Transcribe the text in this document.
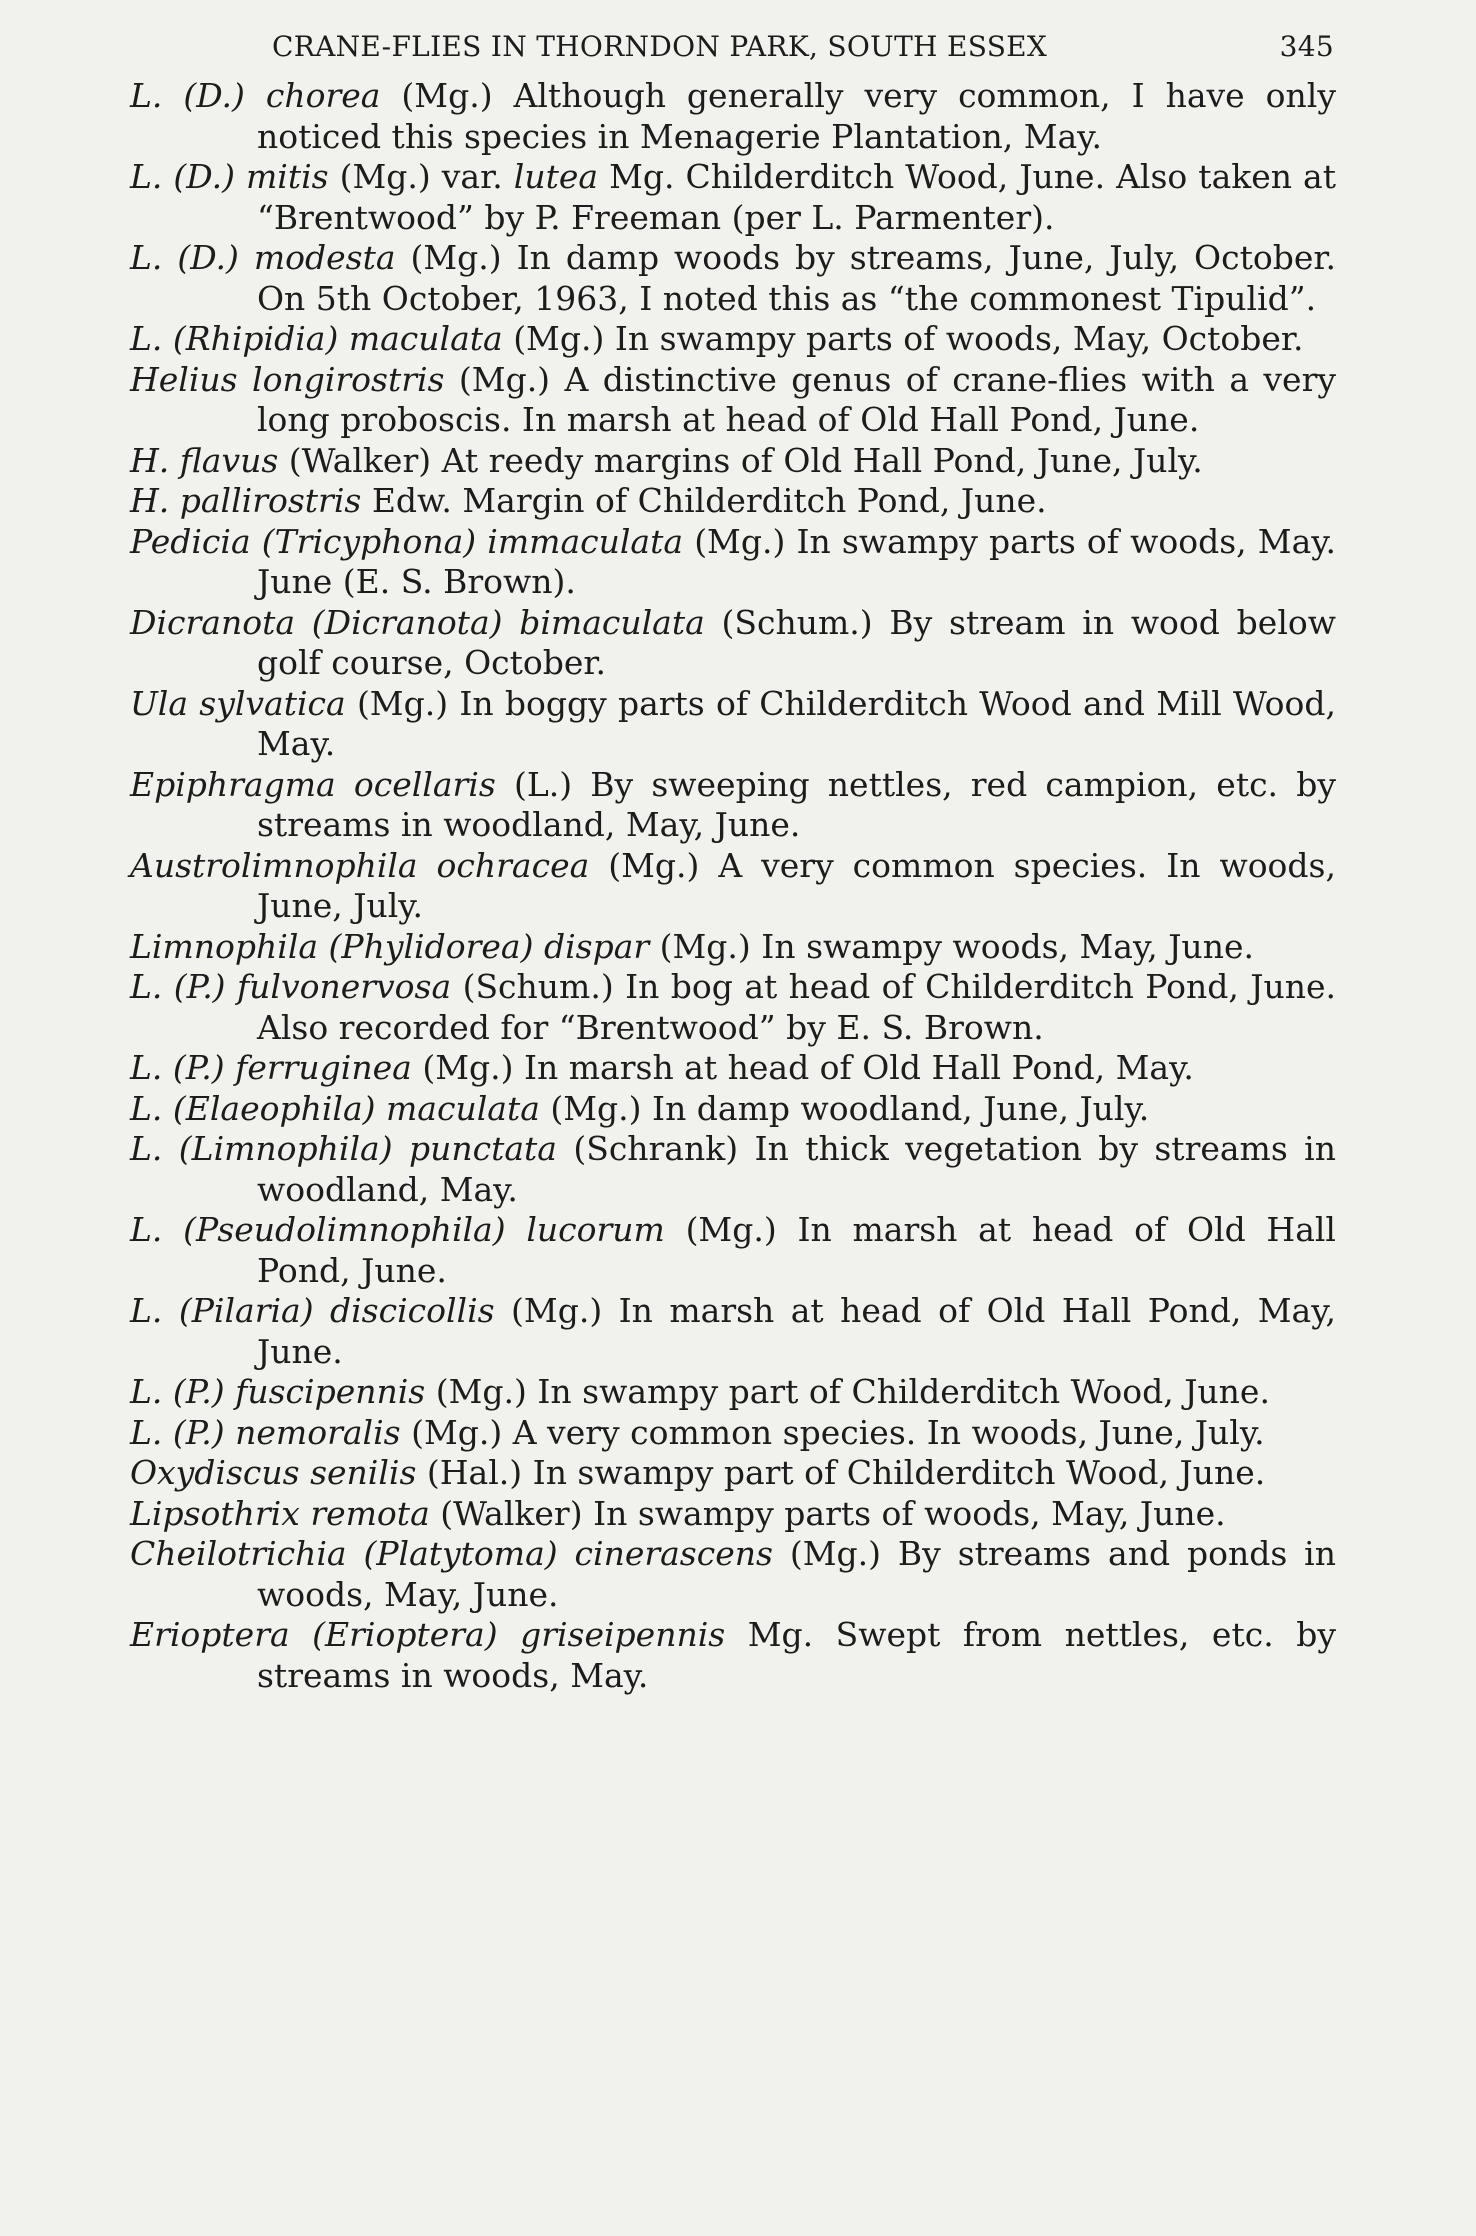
CRANE-FLIES IN THORNDON PARK, SOUTH ESSEX	345

L. (D.) chorea (Mg.) Although generally very common, I have only noticed this species in Menagerie Plantation, May.

L. (D.) mitis (Mg.) var. lutea Mg. Childerditch Wood, June. Also taken at “Brentwood” by P. Freeman (per L. Parmenter).

L. (D.) modesta (Mg.) In damp woods by streams, June, July, October. On 5th October, 1963, I noted this as “the commonest Tipulid”.

L. (Rhipidia) maculata (Mg.) In swampy parts of woods, May, October.

Helius longirostris (Mg.) A distinctive genus of crane-flies with a very long proboscis. In marsh at head of Old Hall Pond, June.

H. flavus (Walker) At reedy margins of Old Hall Pond, June, July.

H. pallirostris Edw. Margin of Childerditch Pond, June.

Pedicia (Tricyphona) immaculata (Mg.) In swampy parts of woods, May. June (E. S. Brown).

Dicranota (Dicranota) bimaculata (Schum.) By stream in wood below golf course, October.

Ula sylvatica (Mg.) In boggy parts of Childerditch Wood and Mill Wood, May.

Epiphragma ocellaris (L.) By sweeping nettles, red campion, etc. by streams in woodland, May, June.

Austrolimnophila ochracea (Mg.) A very common species. In woods, June, July.

Limnophila (Phylidorea) dispar (Mg.) In swampy woods, May, June.

L. (P.) fulvonervosa (Schum.) In bog at head of Childerditch Pond, June. Also recorded for “Brentwood” by E. S. Brown.

L. (P.) ferruginea (Mg.) In marsh at head of Old Hall Pond, May.

L. (Elaeophila) maculata (Mg.) In damp woodland, June, July.

L. (Limnophila) punctata (Schrank) In thick vegetation by streams in woodland, May.

L. (Pseudolimnophila) lucorum (Mg.) In marsh at head of Old Hall Pond, June.

L. (Pilaria) discicollis (Mg.) In marsh at head of Old Hall Pond, May, June.

L. (P.) fuscipennis (Mg.) In swampy part of Childerditch Wood, June.

L. (P.) nemoralis (Mg.) A very common species. In woods, June, July.

Oxydiscus senilis (Hal.) In swampy part of Childerditch Wood, June.

Lipsothrix remota (Walker) In swampy parts of woods, May, June.

Cheilotrichia (Platytoma) cinerascens (Mg.) By streams and ponds in woods, May, June.

Erioptera (Erioptera) griseipennis Mg. Swept from nettles, etc. by streams in woods, May.
